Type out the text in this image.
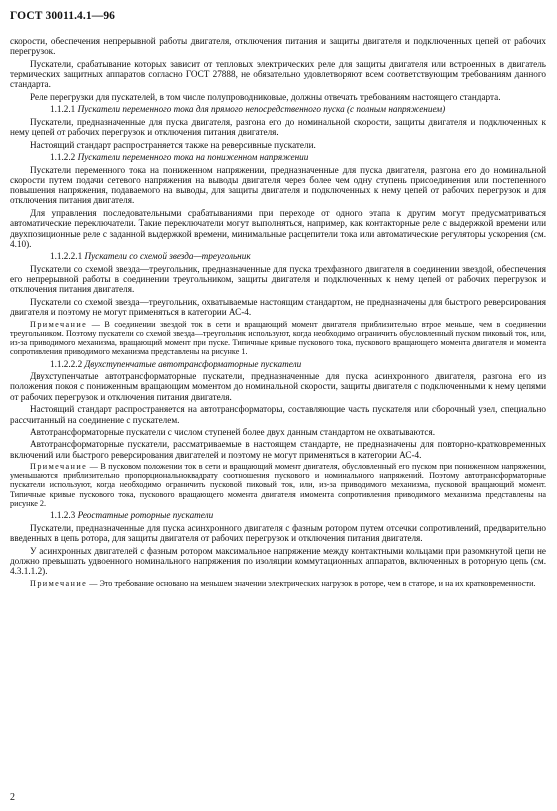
ГОСТ 30011.4.1—96

скорости, обеспечения непрерывной работы двигателя, отключения питания и защиты двигателя и подключенных цепей от рабочих перегрузок.

Пускатели, срабатывание которых зависит от тепловых электрических реле для защиты двигателя или встроенных в двигатель термических защитных аппаратов согласно ГОСТ 27888, не обязательно удовлетворяют всем соответствующим требованиям данного стандарта.

Реле перегрузки для пускателей, в том числе полупроводниковые, должны отвечать требованиям настоящего стандарта.

1.1.2.1 Пускатели переменного тока для прямого непосредственного пуска (с полным напряжением)

Пускатели, предназначенные для пуска двигателя, разгона его до номинальной скорости, защиты двигателя и подключенных к нему цепей от рабочих перегрузок и отключения питания двигателя.

Настоящий стандарт распространяется также на реверсивные пускатели.

1.1.2.2 Пускатели переменного тока на пониженном напряжении

Пускатели переменного тока на пониженном напряжении, предназначенные для пуска двигателя, разгона его до номинальной скорости путем подачи сетевого напряжения на выводы двигателя через более чем одну ступень присоединения или постепенного повышения напряжения, подаваемого на выводы, для защиты двигателя и подключенных к нему цепей от рабочих перегрузок и для отключения питания двигателя.

Для управления последовательными срабатываниями при переходе от одного этапа к другим могут предусматриваться автоматические переключатели. Такие переключатели могут выполняться, например, как контакторные реле с выдержкой времени или двухпозиционные реле с заданной выдержкой времени, минимальные расцепители тока или автоматические регуляторы ускорения (см. 4.10).

1.1.2.2.1 Пускатели со схемой звезда—треугольник

Пускатели со схемой звезда—треугольник, предназначенные для пуска трехфазного двигателя в соединении звездой, обеспечения его непрерывной работы в соединении треугольником, защиты двигателя и подключенных к нему цепей от рабочих перегрузок и отключения питания двигателя.

Пускатели со схемой звезда—треугольник, охватываемые настоящим стандартом, не предназначены для быстрого реверсирования двигателя и поэтому не могут применяться в категории АС-4.

Примечание — В соединении звездой ток в сети и вращающий момент двигателя приблизительно втрое меньше, чем в соединении треугольником. Поэтому пускатели со схемой звезда—треугольник используют, когда необходимо ограничить обусловленный пуском пиковый ток, или, из-за приводимого механизма, вращающий момент при пуске. Типичные кривые пускового тока, пускового вращающего момента двигателя и момента сопротивления приводимого механизма представлены на рисунке 1.

1.1.2.2.2 Двухступенчатые автотрансформаторные пускатели

Двухступенчатые автотрансформаторные пускатели, предназначенные для пуска асинхронного двигателя, разгона его из положения покоя с пониженным вращающим моментом до номинальной скорости, защиты двигателя с подключенными к нему цепями от рабочих перегрузок и отключения питания двигателя.

Настоящий стандарт распространяется на автотрансформаторы, составляющие часть пускателя или сборочный узел, специально рассчитанный на соединение с пускателем.

Автотрансформаторные пускатели с числом ступеней более двух данным стандартом не охватываются.

Автотрансформаторные пускатели, рассматриваемые в настоящем стандарте, не предназначены для повторно-кратковременных включений или быстрого реверсирования двигателей и поэтому не могут применяться в категории АС-4.

Примечание — В пусковом положении ток в сети и вращающий момент двигателя, обусловленный его пуском при пониженном напряжении, уменьшаются приблизительно пропорциональноквадрату соотношения пускового и номинального напряжений. Поэтому автотрансформаторные пускатели используют, когда необходимо ограничить пусковой пиковый ток, или, из-за приводимого механизма, пусковой вращающий момент. Типичные кривые пускового тока, пускового вращающего момента двигателя имомента сопротивления приводимого механизма представлены на рисунке 2.

1.1.2.3 Реостатные роторные пускатели

Пускатели, предназначенные для пуска асинхронного двигателя с фазным ротором путем отсечки сопротивлений, предварительно введенных в цепь ротора, для защиты двигателя от рабочих перегрузок и отключения питания двигателя.

У асинхронных двигателей с фазным ротором максимальное напряжение между контактными кольцами при разомкнутой цепи не должно превышать удвоенного номинального напряжения по изоляции коммутационных аппаратов, включенных в роторную цепь (см. 4.3.1.1.2).

Примечание — Это требование основано на меньшем значении электрических нагрузок в роторе, чем в статоре, и на их кратковременности.

2
